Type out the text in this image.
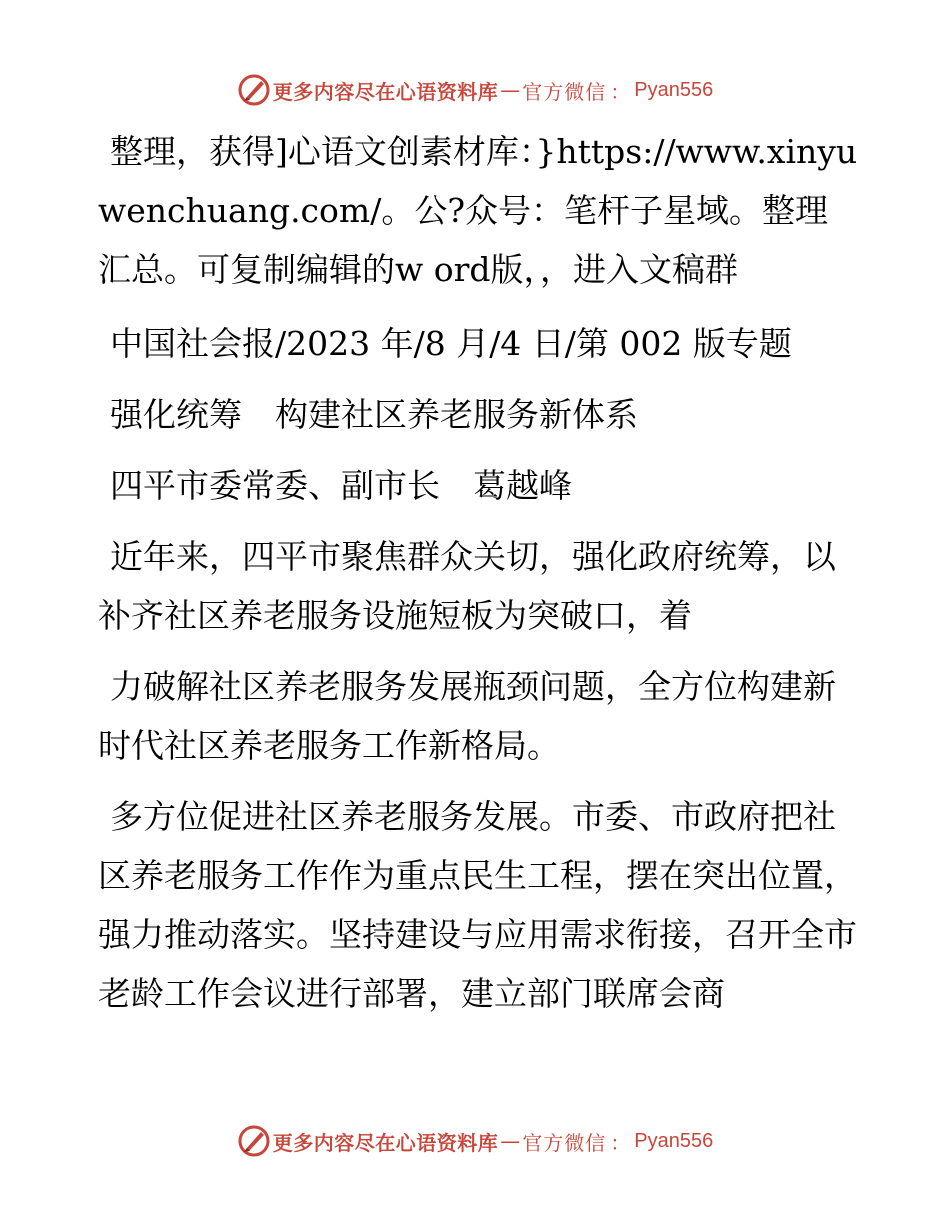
更多内容尽在心语资料库 — 官方微信 ： Pyan556

整理，获得]心语文创素材库：}https://www.xinyuwenchuang.com/。公?众号：笔杆子星域。整理汇总。可复制编辑的w ord版，，进入文稿群

中国社会报/2023 年/8 月/4 日/第 002 版专题

强化统筹　构建社区养老服务新体系

四平市委常委、副市长　葛越峰

近年来，四平市聚焦群众关切，强化政府统筹，以补齐社区养老服务设施短板为突破口，着

力破解社区养老服务发展瓶颈问题，全方位构建新时代社区养老服务工作新格局。

多方位促进社区养老服务发展。市委、市政府把社区养老服务工作作为重点民生工程，摆在突出位置，强力推动落实。坚持建设与应用需求衔接，召开全市老龄工作会议进行部署，建立部门联席会商

更多内容尽在心语资料库 — 官方微信 ： Pyan556
